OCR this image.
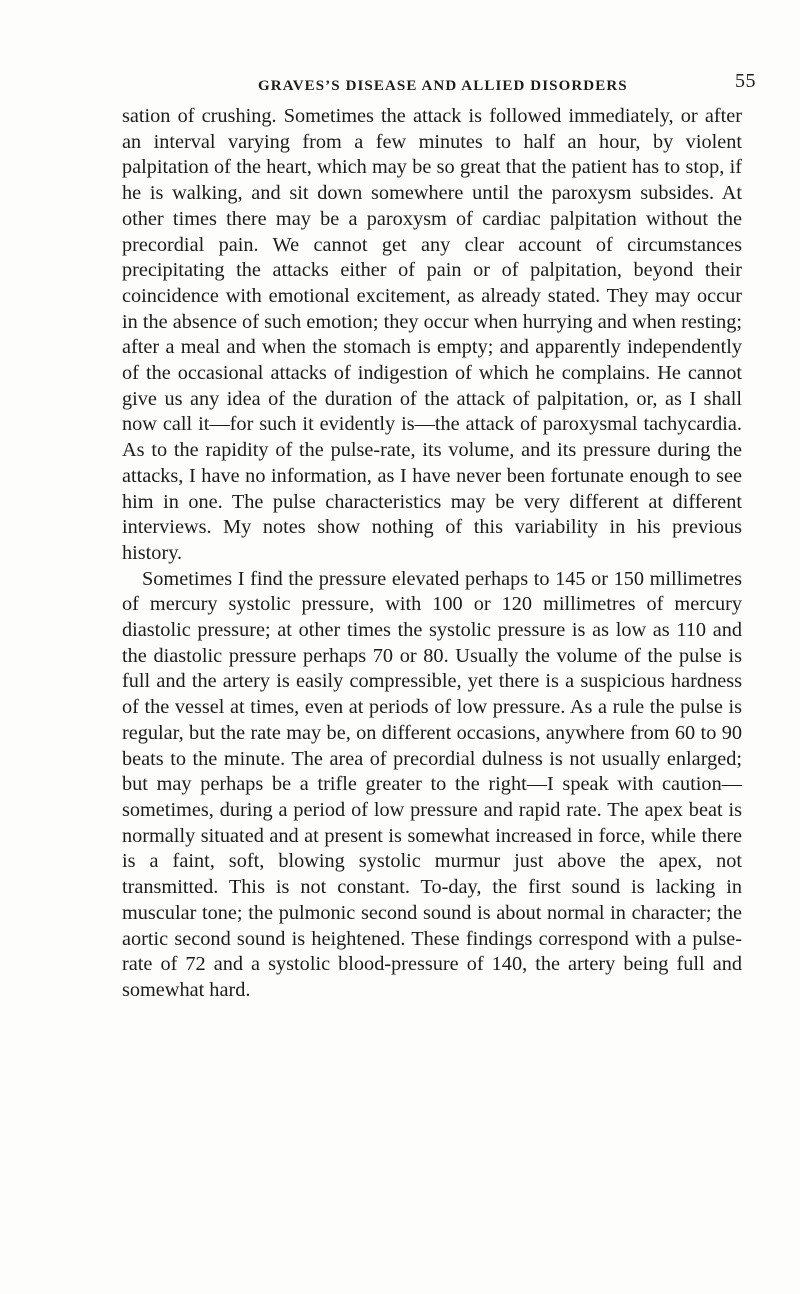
GRAVES’S DISEASE AND ALLIED DISORDERS	55

sation of crushing. Sometimes the attack is followed immediately, or after an interval varying from a few minutes to half an hour, by violent palpitation of the heart, which may be so great that the patient has to stop, if he is walking, and sit down somewhere until the paroxysm subsides. At other times there may be a paroxysm of cardiac palpitation without the precordial pain. We cannot get any clear account of circumstances precipitating the attacks either of pain or of palpitation, beyond their coincidence with emotional excitement, as already stated. They may occur in the absence of such emotion; they occur when hurrying and when resting; after a meal and when the stomach is empty; and apparently independently of the occasional attacks of indigestion of which he complains. He cannot give us any idea of the duration of the attack of palpitation, or, as I shall now call it—for such it evidently is—the attack of paroxysmal tachycardia. As to the rapidity of the pulse-rate, its volume, and its pressure during the attacks, I have no information, as I have never been fortunate enough to see him in one. The pulse characteristics may be very different at different interviews. My notes show nothing of this variability in his previous history.

Sometimes I find the pressure elevated perhaps to 145 or 150 millimetres of mercury systolic pressure, with 100 or 120 millimetres of mercury diastolic pressure; at other times the systolic pressure is as low as 110 and the diastolic pressure perhaps 70 or 80. Usually the volume of the pulse is full and the artery is easily compressible, yet there is a suspicious hardness of the vessel at times, even at periods of low pressure. As a rule the pulse is regular, but the rate may be, on different occasions, anywhere from 60 to 90 beats to the minute. The area of precordial dulness is not usually enlarged; but may perhaps be a trifle greater to the right—I speak with caution—sometimes, during a period of low pressure and rapid rate. The apex beat is normally situated and at present is somewhat increased in force, while there is a faint, soft, blowing systolic murmur just above the apex, not transmitted. This is not constant. To-day, the first sound is lacking in muscular tone; the pulmonic second sound is about normal in character; the aortic second sound is heightened. These findings correspond with a pulse-rate of 72 and a systolic blood-pressure of 140, the artery being full and somewhat hard.
